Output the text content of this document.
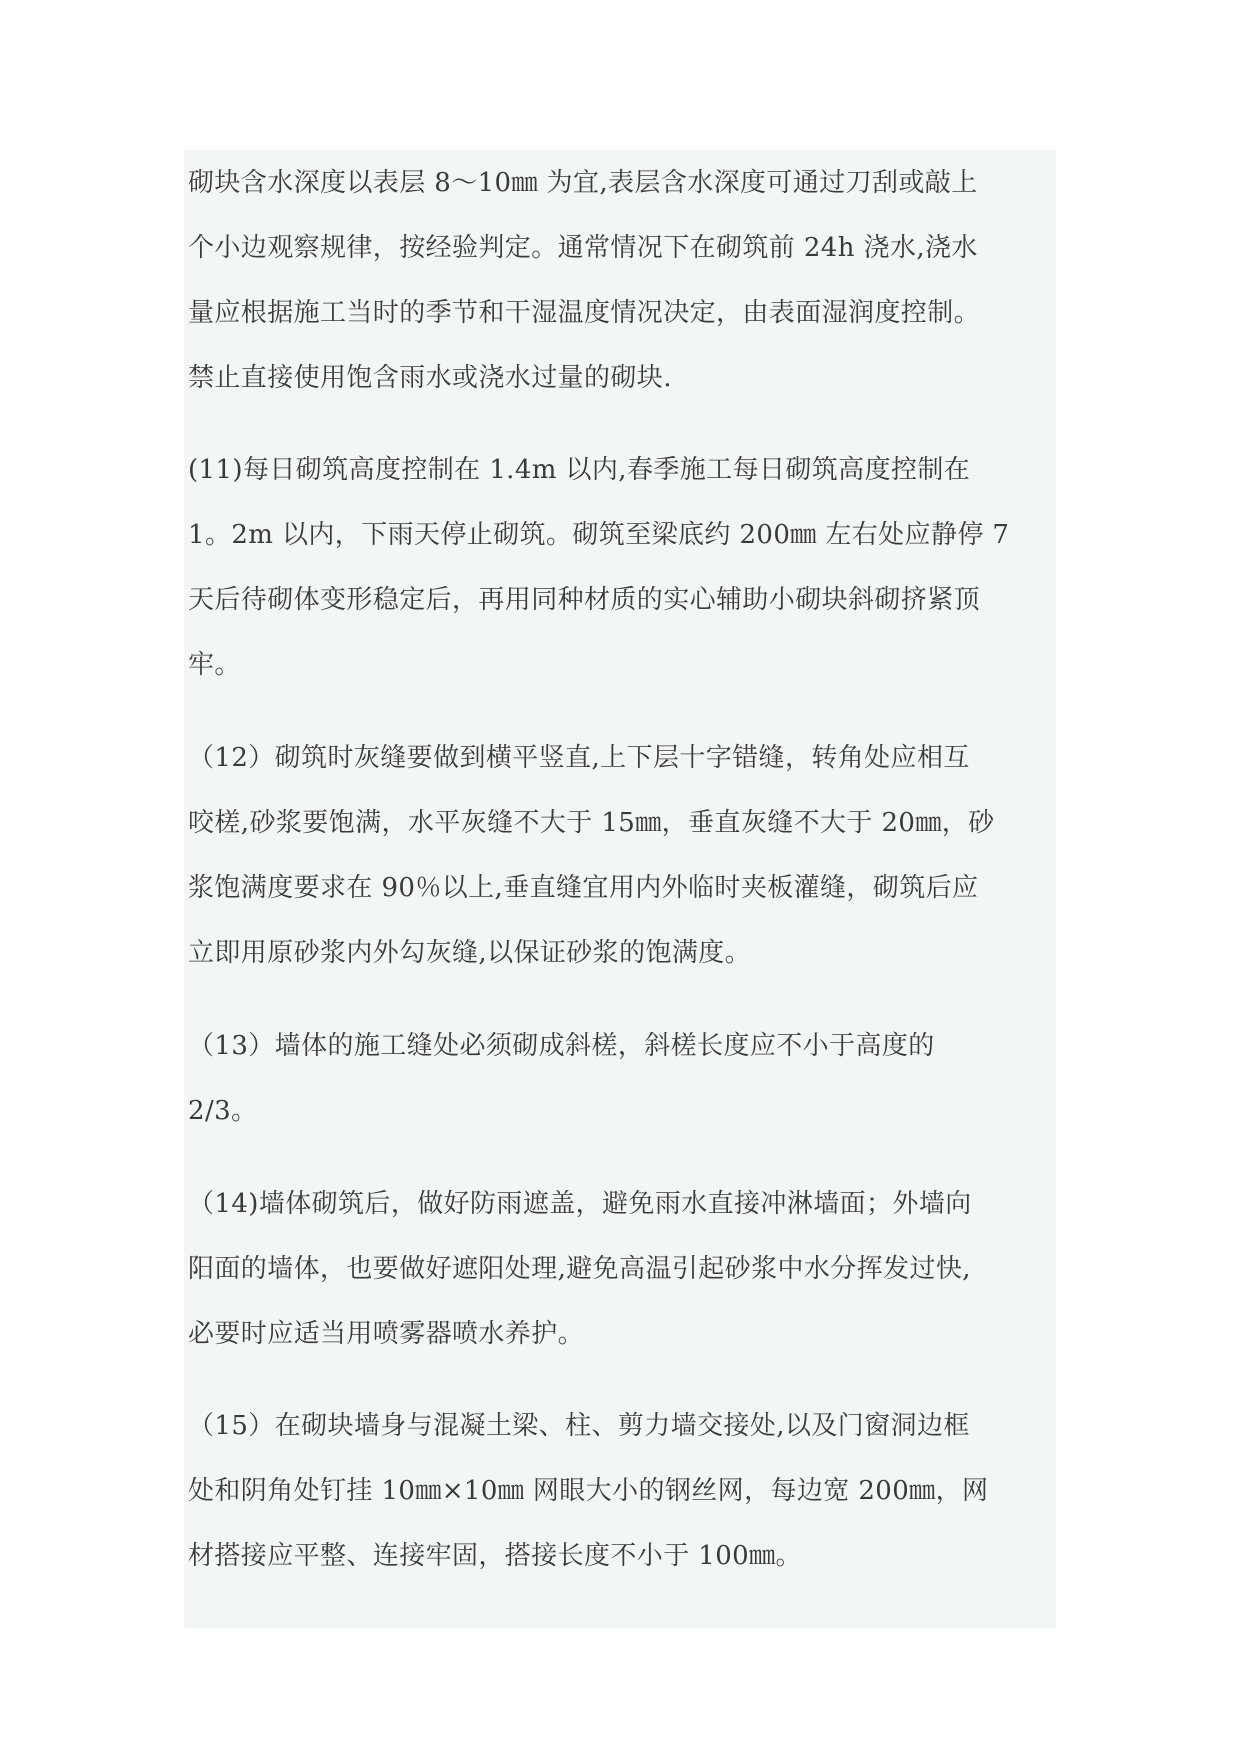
砌块含水深度以表层 8～10㎜ 为宜,表层含水深度可通过刀刮或敲上
个小边观察规律，按经验判定。通常情况下在砌筑前 24h 浇水,浇水
量应根据施工当时的季节和干湿温度情况决定，由表面湿润度控制。
禁止直接使用饱含雨水或浇水过量的砌块.
(11)每日砌筑高度控制在 1.4m 以内,春季施工每日砌筑高度控制在
1。2m 以内，下雨天停止砌筑。砌筑至梁底约 200㎜ 左右处应静停 7
天后待砌体变形稳定后，再用同种材质的实心辅助小砌块斜砌挤紧顶
牢。
（12）砌筑时灰缝要做到横平竖直,上下层十字错缝，转角处应相互
咬槎,砂浆要饱满，水平灰缝不大于 15㎜，垂直灰缝不大于 20㎜，砂
浆饱满度要求在 90％以上,垂直缝宜用内外临时夹板灌缝，砌筑后应
立即用原砂浆内外勾灰缝,以保证砂浆的饱满度。
（13）墙体的施工缝处必须砌成斜槎，斜槎长度应不小于高度的
2/3。
（14)墙体砌筑后，做好防雨遮盖，避免雨水直接冲淋墙面；外墙向
阳面的墙体，也要做好遮阳处理,避免高温引起砂浆中水分挥发过快,
必要时应适当用喷雾器喷水养护。
（15）在砌块墙身与混凝土梁、柱、剪力墙交接处,以及门窗洞边框
处和阴角处钉挂 10㎜×10㎜ 网眼大小的钢丝网，每边宽 200㎜，网
材搭接应平整、连接牢固，搭接长度不小于 100㎜。
